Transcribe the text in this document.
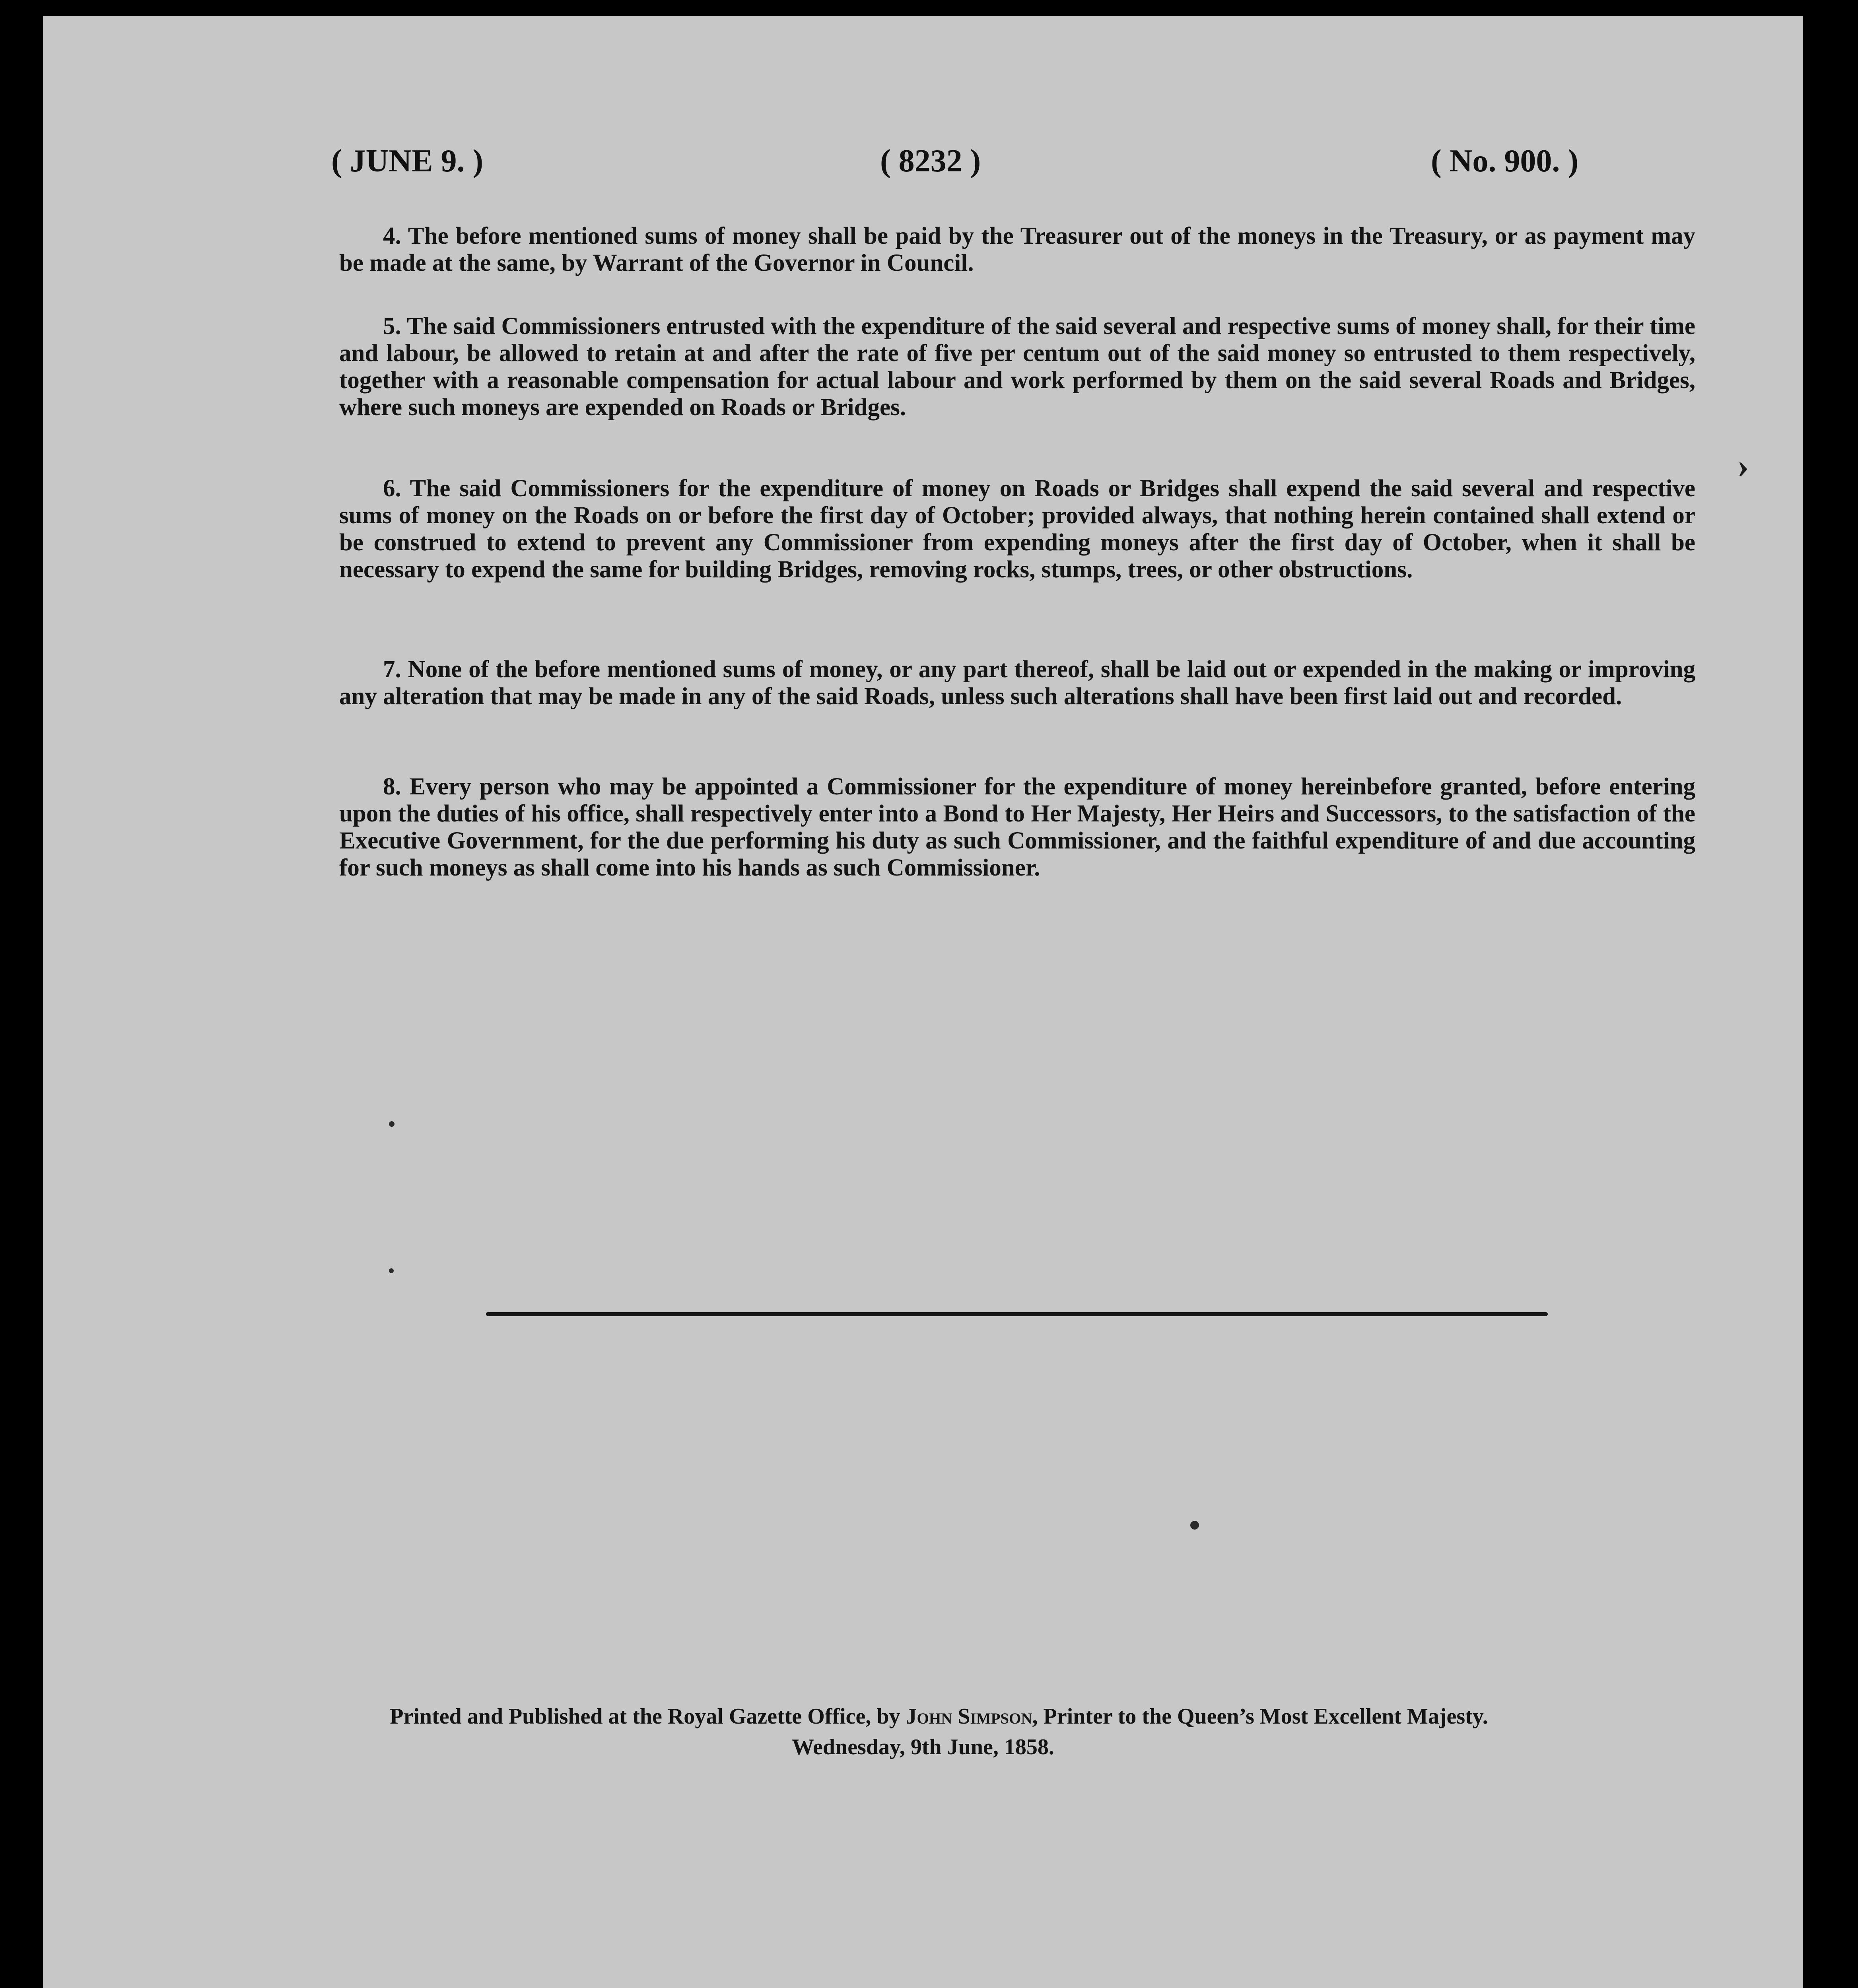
( JUNE 9. )	( 8232 )	( No. 900. )

4. The before mentioned sums of money shall be paid by the Treasurer out of the moneys in the Treasury, or as payment may be made at the same, by Warrant of the Governor in Council.

5. The said Commissioners entrusted with the expenditure of the said several and respective sums of money shall, for their time and labour, be allowed to retain at and after the rate of five per centum out of the said money so entrusted to them respectively, together with a reasonable compensation for actual labour and work performed by them on the said several Roads and Bridges, where such moneys are expended on Roads or Bridges.

6. The said Commissioners for the expenditure of money on Roads or Bridges shall expend the said several and respective sums of money on the Roads on or before the first day of October; provided always, that nothing herein contained shall extend or be construed to extend to prevent any Commissioner from expending moneys after the first day of October, when it shall be necessary to expend the same for building Bridges, removing rocks, stumps, trees, or other obstructions.

7. None of the before mentioned sums of money, or any part thereof, shall be laid out or expended in the making or improving any alteration that may be made in any of the said Roads, unless such alterations shall have been first laid out and recorded.

8. Every person who may be appointed a Commissioner for the expenditure of money hereinbefore granted, before entering upon the duties of his office, shall respectively enter into a Bond to Her Majesty, Her Heirs and Successors, to the satisfaction of the Executive Government, for the due performing his duty as such Commissioner, and the faithful expenditure of and due accounting for such moneys as shall come into his hands as such Commissioner.

Printed and Published at the Royal Gazette Office, by John Simpson, Printer to the Queen’s Most Excellent Majesty.
Wednesday, 9th June, 1858.
›
